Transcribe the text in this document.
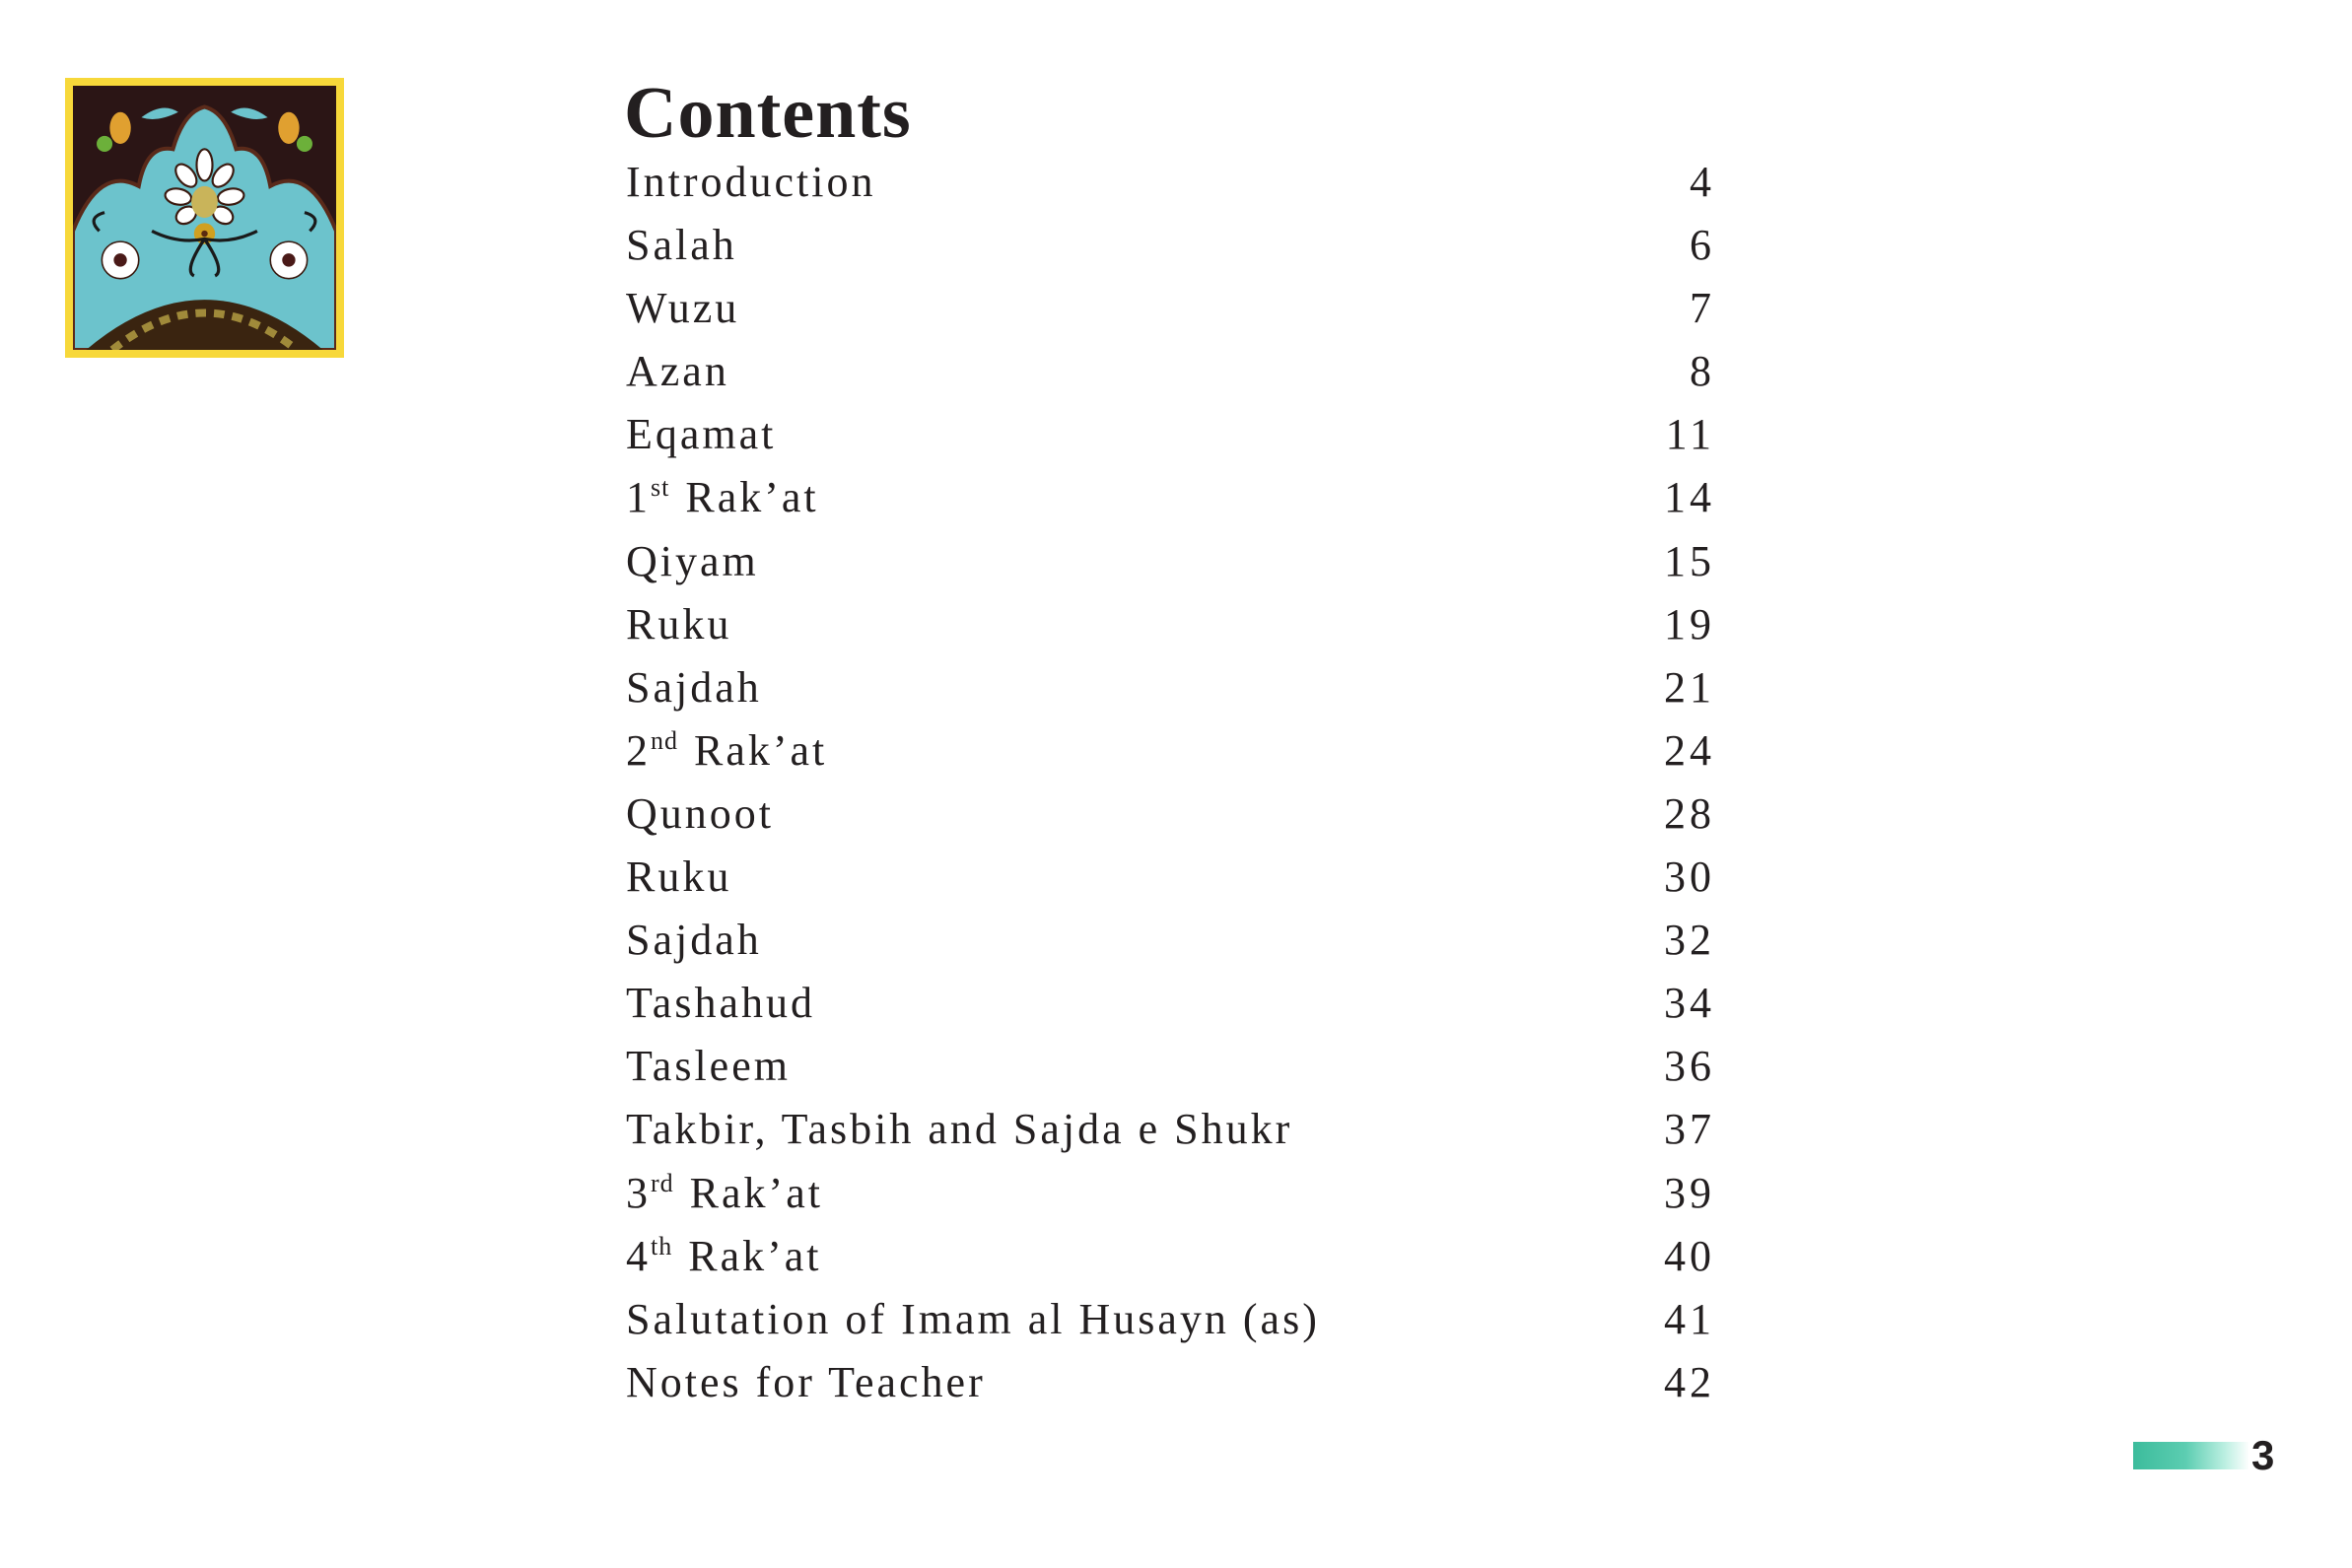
Contents
Introduction	4
Salah	6
Wuzu	7
Azan	8
Eqamat	11
1st Rak’at	14
Qiyam	15
Ruku	19
Sajdah	21
2nd Rak’at	24
Qunoot	28
Ruku	30
Sajdah	32
Tashahud	34
Tasleem	36
Takbir, Tasbih and Sajda e Shukr	37
3rd Rak’at	39
4th Rak’at	40
Salutation of Imam al Husayn (as)	41
Notes for Teacher	42
3
